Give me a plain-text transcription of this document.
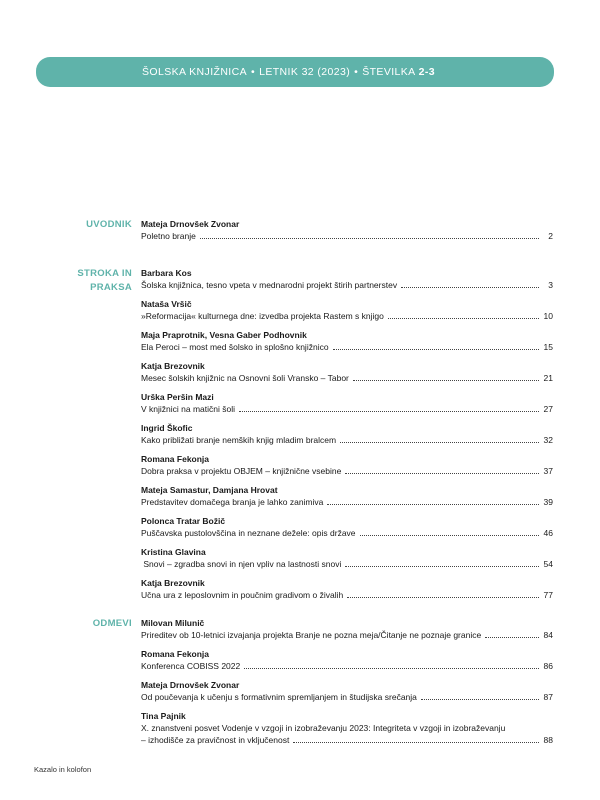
ŠOLSKA KNJIŽNICA • LETNIK 32 (2023) • ŠTEVILKA 2-3
UVODNIK Mateja Drnovšek Zvonar
Poletno branje	2
STROKA IN
PRAKSA
Barbara Kos
Šolska knjižnica, tesno vpeta v mednarodni projekt štirih partnerstev	3
Nataša Vršič
»Reformacija« kulturnega dne: izvedba projekta Rastem s knjigo	10
Maja Praprotnik, Vesna Gaber Podhovnik
Ela Peroci – most med šolsko in splošno knjižnico	15
Katja Brezovnik
Mesec šolskih knjižnic na Osnovni šoli Vransko – Tabor	21
Urška Peršin Mazi
V knjižnici na matični šoli	27
Ingrid Škofic
Kako približati branje nemških knjig mladim bralcem	32
Romana Fekonja
Dobra praksa v projektu OBJEM – knjižnične vsebine	37
Mateja Samastur, Damjana Hrovat
Predstavitev domačega branja je lahko zanimiva	39
Polonca Tratar Božič
Puščavska pustolovščina in neznane dežele: opis države	46
Kristina Glavina
Snovi – zgradba snovi in njen vpliv na lastnosti snovi	54
Katja Brezovnik
Učna ura z leposlovnim in poučnim gradivom o živalih	77
ODMEVI Milovan Milunič
Prireditev ob 10-letnici izvajanja projekta Branje ne pozna meja/Čitanje ne poznaje granice	84
Romana Fekonja
Konferenca COBISS 2022	86
Mateja Drnovšek Zvonar
Od poučevanja k učenju s formativnim spremljanjem in študijska srečanja	87
Tina Pajnik
X. znanstveni posvet Vodenje v vzgoji in izobraževanju 2023: Integriteta v vzgoji in izobraževanju
– izhodišče za pravičnost in vključenost	88
Kazalo in kolofon
